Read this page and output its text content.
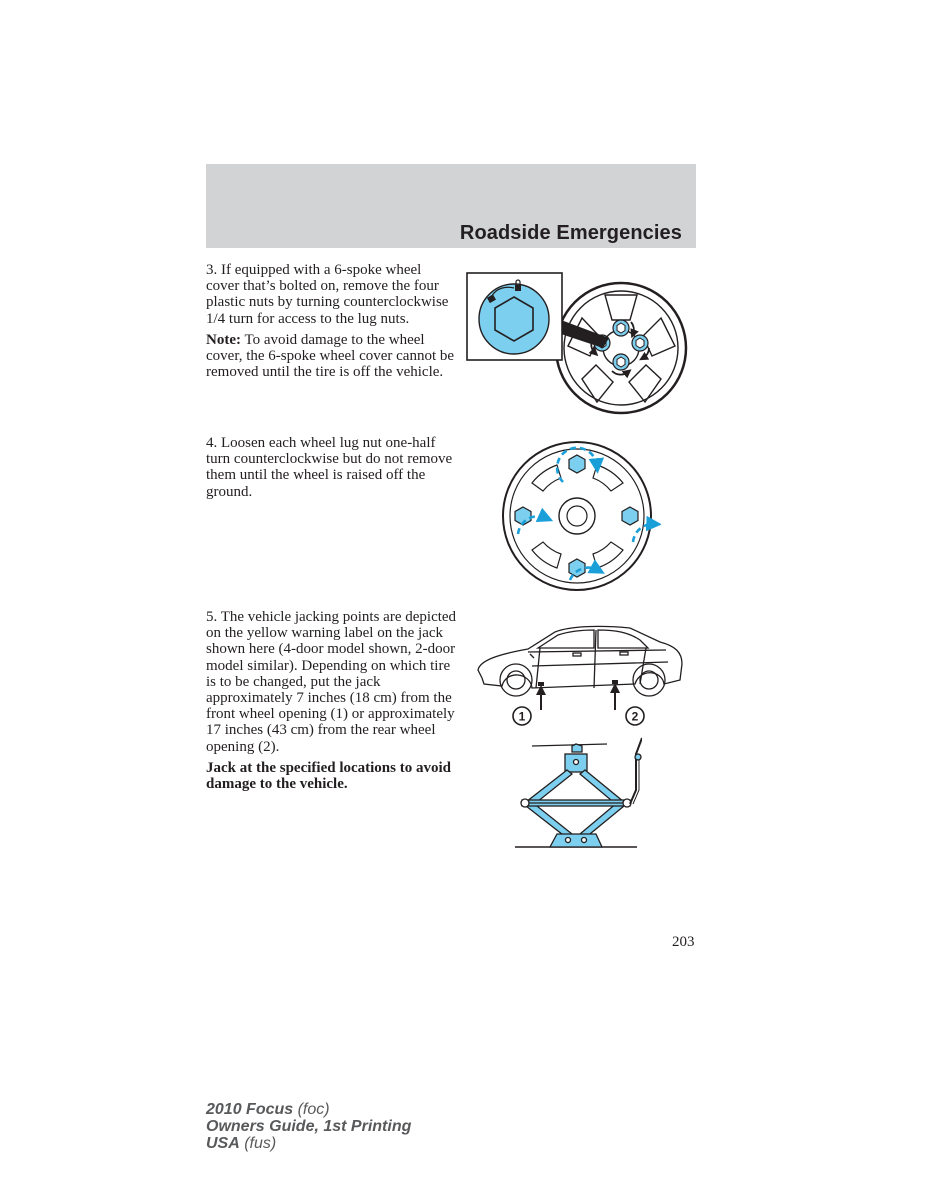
Roadside Emergencies

3. If equipped with a 6-spoke wheel cover that’s bolted on, remove the four plastic nuts by turning counterclockwise 1/4 turn for access to the lug nuts.

Note: To avoid damage to the wheel cover, the 6-spoke wheel cover cannot be removed until the tire is off the vehicle.

4. Loosen each wheel lug nut one-half turn counterclockwise but do not remove them until the wheel is raised off the ground.

5. The vehicle jacking points are depicted on the yellow warning label on the jack shown here (4-door model shown, 2-door model similar). Depending on which tire is to be changed, put the jack approximately 7 inches (18 cm) from the front wheel opening (1) or approximately 17 inches (43 cm) from the rear wheel opening (2).

Jack at the specified locations to avoid damage to the vehicle.

1	2
203
2010 Focus (foc)
Owners Guide, 1st Printing
USA (fus)
